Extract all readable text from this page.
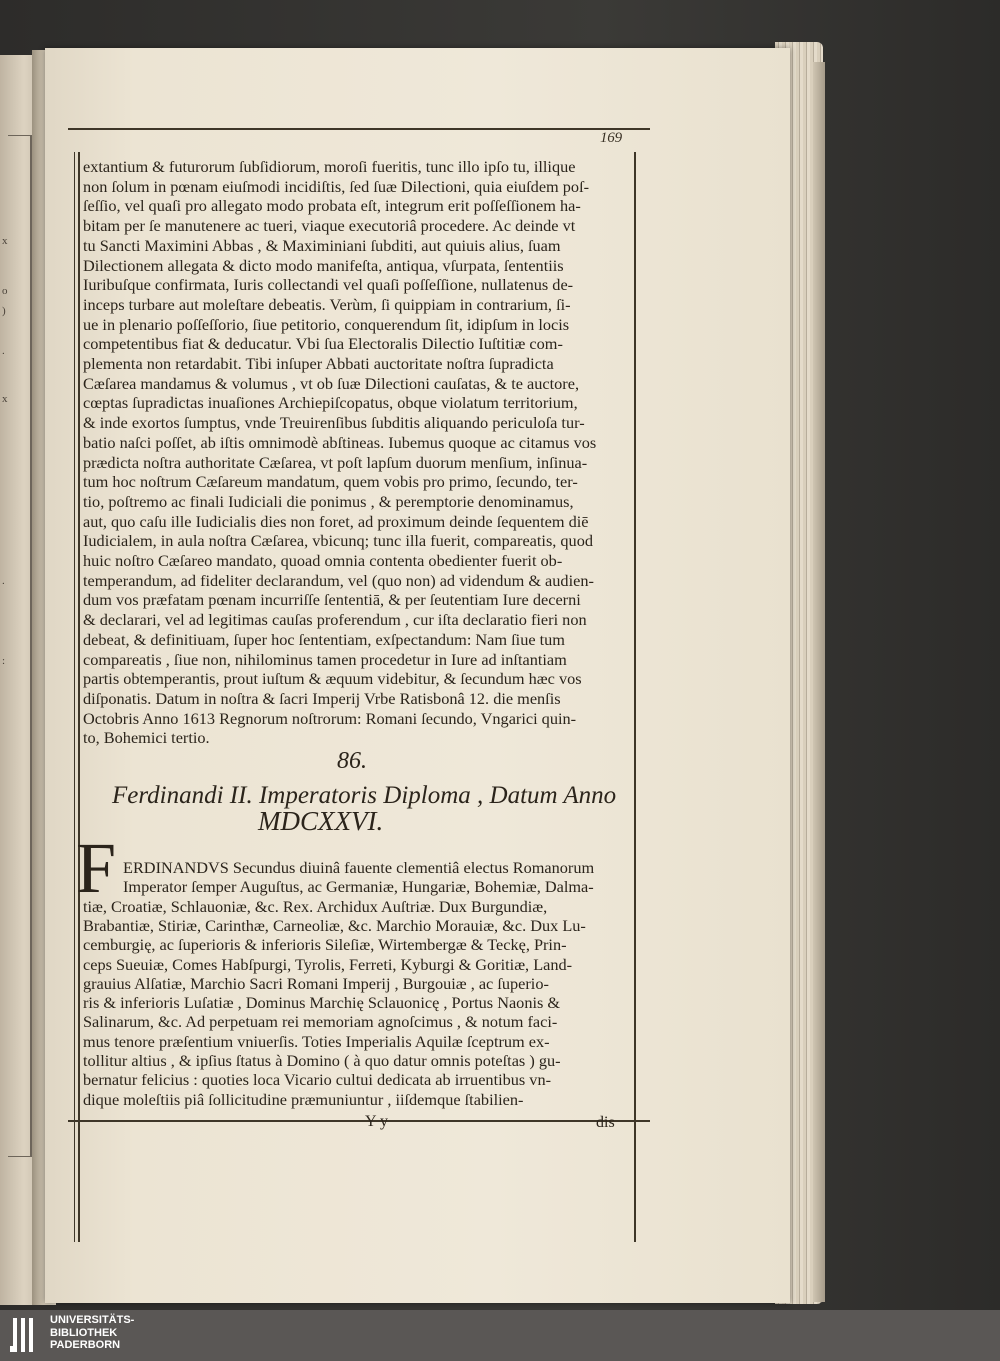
x
o
)
.
x
.
:
169
extantium & futurorum ſubſidiorum, moroſi fueritis, tunc illo ipſo tu, illique
non ſolum in pœnam eiuſmodi incidiſtis, ſed ſuæ Dilectioni, quia eiuſdem poſ-
ſeſſio, vel quaſi pro allegato modo probata eſt, integrum erit poſſeſſionem ha-
bitam per ſe manutenere ac tueri, viaque executoriâ procedere. Ac deinde vt
tu Sancti Maximini Abbas , & Maximiniani ſubditi, aut quiuis alius, ſuam
Dilectionem allegata & dicto modo manifeſta, antiqua, vſurpata, ſententiis
Iuribuſque confirmata, Iuris collectandi vel quaſi poſſeſſione, nullatenus de-
inceps turbare aut moleſtare debeatis. Verùm, ſi quippiam in contrarium, ſi-
ue in plenario poſſeſſorio, ſiue petitorio, conquerendum ſit, idipſum in locis
competentibus fiat & deducatur. Vbi ſua Electoralis Dilectio Iuſtitiæ com-
plementa non retardabit. Tibi inſuper Abbati auctoritate noſtra ſupradicta
Cæſarea mandamus & volumus , vt ob ſuæ Dilectioni cauſatas, & te auctore,
cœptas ſupradictas inuaſiones Archiepiſcopatus, obque violatum territorium,
& inde exortos ſumptus, vnde Treuirenſibus ſubditis aliquando periculoſa tur-
batio naſci poſſet, ab iſtis omnimodè abſtineas. Iubemus quoque ac citamus vos
prædicta noſtra authoritate Cæſarea, vt poſt lapſum duorum menſium, inſinua-
tum hoc noſtrum Cæſareum mandatum, quem vobis pro primo, ſecundo, ter-
tio, poſtremo ac finali Iudiciali die ponimus , & peremptorie denominamus,
aut, quo caſu ille Iudicialis dies non foret, ad proximum deinde ſequentem diē
Iudicialem, in aula noſtra Cæſarea, vbicunq; tunc illa fuerit, compareatis, quod
huic noſtro Cæſareo mandato, quoad omnia contenta obedienter fuerit ob-
temperandum, ad fideliter declarandum, vel (quo non) ad videndum & audien-
dum vos præfatam pœnam incurriſſe ſententiā, & per ſeutentiam Iure decerni
& declarari, vel ad legitimas cauſas proferendum , cur iſta declaratio fieri non
debeat, & definitiuam, ſuper hoc ſententiam, exſpectandum: Nam ſiue tum
compareatis , ſiue non, nihilominus tamen procedetur in Iure ad inſtantiam
partis obtemperantis, prout iuſtum & æquum videbitur, & ſecundum hæc vos
diſponatis. Datum in noſtra & ſacri Imperij Vrbe Ratisbonâ 12. die menſis
Octobris Anno 1613 Regnorum noſtrorum: Romani ſecundo, Vngarici quin-
to, Bohemici tertio.
86.
Ferdinandi II. Imperatoris Diploma , Datum Anno
MDCXXVI.
F ERDINANDVS Secundus diuinâ fauente clementiâ electus Romanorum
Imperator ſemper Auguſtus, ac Germaniæ, Hungariæ, Bohemiæ, Dalma-
tiæ, Croatiæ, Schlauoniæ, &c. Rex. Archidux Auſtriæ. Dux Burgundiæ,
Brabantiæ, Stiriæ, Carinthæ, Carneoliæ, &c. Marchio Morauiæ, &c. Dux Lu-
cemburgię, ac ſuperioris & inferioris Sileſiæ, Wirtembergæ & Teckę, Prin-
ceps Sueuiæ, Comes Habſpurgi, Tyrolis, Ferreti, Kyburgi & Goritiæ, Land-
grauius Alſatiæ, Marchio Sacri Romani Imperij , Burgouiæ , ac ſuperio-
ris & inferioris Luſatiæ , Dominus Marchię Sclauonicę , Portus Naonis &
Salinarum, &c. Ad perpetuam rei memoriam agnoſcimus , & notum faci-
mus tenore præſentium vniuerſis. Toties Imperialis Aquilæ ſceptrum ex-
tollitur altius , & ipſius ſtatus à Domino ( à quo datur omnis poteſtas ) gu-
bernatur felicius : quoties loca Vicario cultui dedicata ab irruentibus vn-
dique moleſtiis piâ ſollicitudine præmuniuntur , iiſdemque ſtabilien-
Y y	dis
UNIVERSITÄTS-
BIBLIOTHEK
PADERBORN
